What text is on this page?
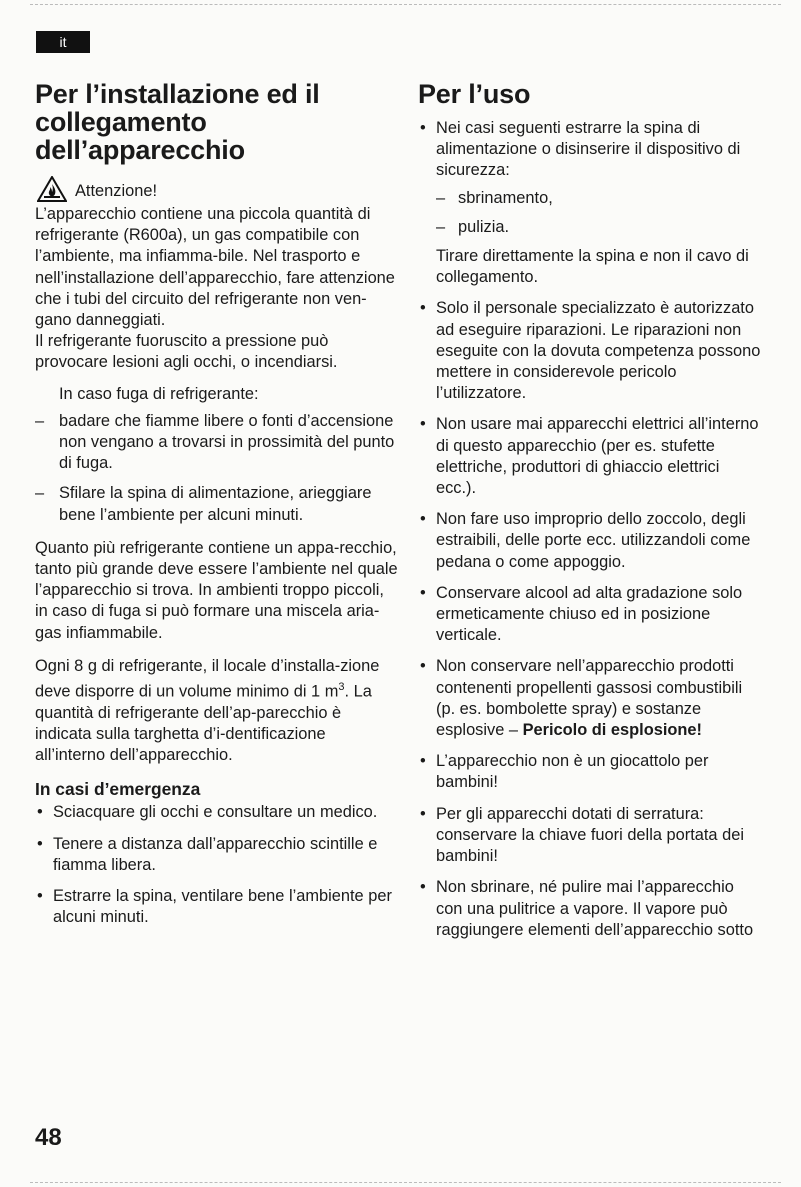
it
Per l’installazione ed il collegamento dell’apparecchio
Attenzione!

L’apparecchio contiene una piccola quantità di refrigerante (R600a), un gas compatibile con l’ambiente, ma infiamma-bile. Nel trasporto e nell’installazione dell’apparecchio, fare attenzione che i tubi del circuito del refrigerante non ven-gano danneggiati.

Il refrigerante fuoruscito a pressione può provocare lesioni agli occhi, o incendiarsi.

In caso fuga di refrigerante:

– badare che fiamme libere o fonti d’accensione non vengano a trovarsi in prossimità del punto di fuga.
– Sfilare la spina di alimentazione, arieggiare bene l’ambiente per alcuni minuti.

Quanto più refrigerante contiene un appa-recchio, tanto più grande deve essere l’ambiente nel quale l’apparecchio si trova. In ambienti troppo piccoli, in caso di fuga si può formare una miscela aria-gas infiammabile.

Ogni 8 g di refrigerante, il locale d’installa-zione deve disporre di un volume minimo di 1 $m^3$. La quantità di refrigerante dell’ap-parecchio è indicata sulla targhetta d’i-dentificazione all’interno dell’apparecchio.

In casi d’emergenza
• Sciacquare gli occhi e consultare un medico.
• Tenere a distanza dall’apparecchio scintille e fiamma libera.
• Estrarre la spina, ventilare bene l’ambiente per alcuni minuti.
Per l’uso
• Nei casi seguenti estrarre la spina di alimentazione o disinserire il dispositivo di sicurezza:
– sbrinamento,
– pulizia.

Tirare direttamente la spina e non il cavo di collegamento.

• Solo il personale specializzato è autorizzato ad eseguire riparazioni. Le riparazioni non eseguite con la dovuta competenza possono mettere in considerevole pericolo l’utilizzatore.
• Non usare mai apparecchi elettrici all’interno di questo apparecchio (per es. stufette elettriche, produttori di ghiaccio elettrici ecc.).
• Non fare uso improprio dello zoccolo, degli estraibili, delle porte ecc. utilizzandoli come pedana o come appoggio.
• Conservare alcool ad alta gradazione solo ermeticamente chiuso ed in posizione verticale.
• Non conservare nell’apparecchio prodotti contenenti propellenti gassosi combustibili (p. es. bombolette spray) e sostanze esplosive – Pericolo di esplosione!
• L’apparecchio non è un giocattolo per bambini!
• Per gli apparecchi dotati di serratura: conservare la chiave fuori della portata dei bambini!
• Non sbrinare, né pulire mai l’apparecchio con una pulitrice a vapore. Il vapore può raggiungere elementi dell’apparecchio sotto
48
